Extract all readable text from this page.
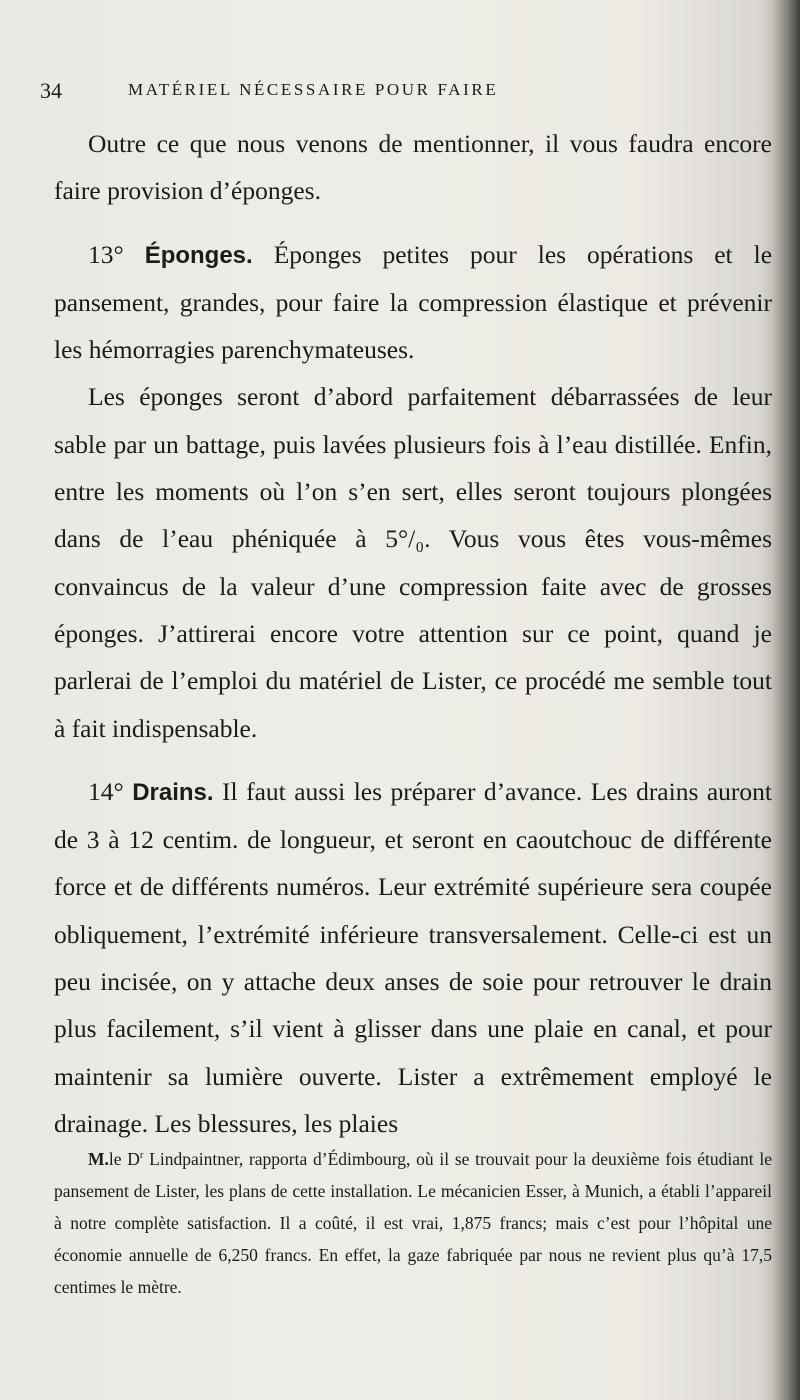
34	MATÉRIEL NÉCESSAIRE POUR FAIRE

Outre ce que nous venons de mentionner, il vous faudra encore faire provision d’éponges.

13° Éponges. Éponges petites pour les opérations et le pansement, grandes, pour faire la compression élastique et prévenir les hémorragies parenchymateuses.

Les éponges seront d’abord parfaitement débarrassées de leur sable par un battage, puis lavées plusieurs fois à l’eau distillée. Enfin, entre les moments où l’on s’en sert, elles seront toujours plongées dans de l’eau phéniquée à 5°/₀. Vous vous êtes vous-mêmes convaincus de la valeur d’une compression faite avec de grosses éponges. J’attirerai encore votre attention sur ce point, quand je parlerai de l’emploi du matériel de Lister, ce procédé me semble tout à fait indispensable.

14° Drains. Il faut aussi les préparer d’avance. Les drains auront de 3 à 12 centim. de longueur, et seront en caoutchouc de différente force et de différents numéros. Leur extrémité supérieure sera coupée obliquement, l’extrémité inférieure transversalement. Celle-ci est un peu incisée, on y attache deux anses de soie pour retrouver le drain plus facilement, s’il vient à glisser dans une plaie en canal, et pour maintenir sa lumière ouverte. Lister a extrêmement employé le drainage. Les blessures, les plaies

M.le $D^r$ Lindpaintner, rapporta d’Édimbourg, où il se trouvait pour la deuxième fois étudiant le pansement de Lister, les plans de cette installation. Le mécanicien Esser, à Munich, a établi l’appareil à notre complète satisfaction. Il a coûté, il est vrai, 1,875 francs; mais c’est pour l’hôpital une économie annuelle de 6,250 francs. En effet, la gaze fabriquée par nous ne revient plus qu’à 17,5 centimes le mètre.
